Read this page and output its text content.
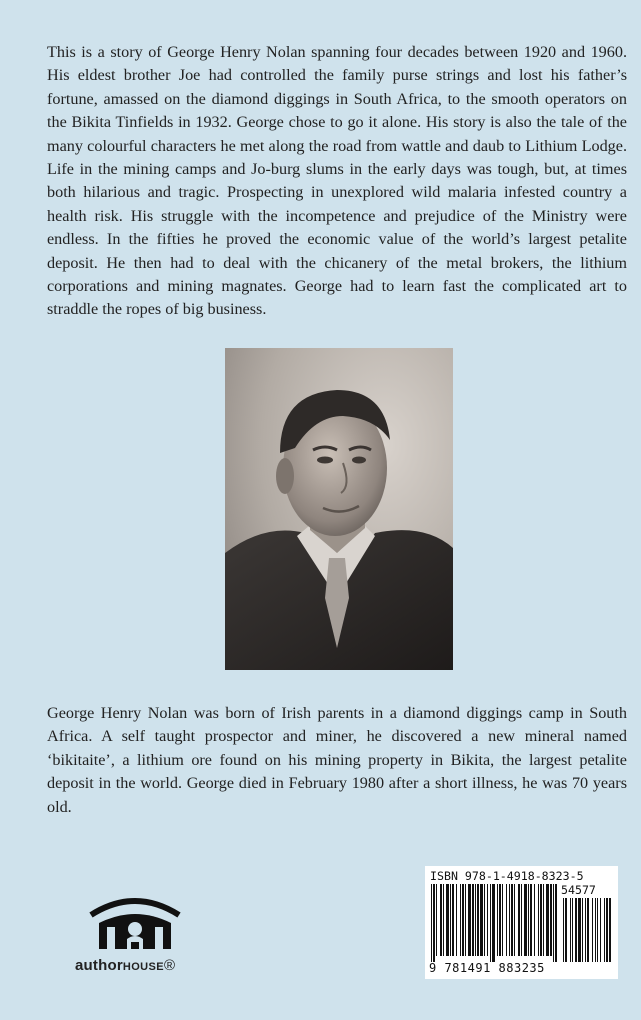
This is a story of George Henry Nolan spanning four decades between 1920 and 1960. His eldest brother Joe had controlled the family purse strings and lost his father’s fortune, amassed on the diamond diggings in South Africa, to the smooth operators on the Bikita Tinfields in 1932. George chose to go it alone. His story is also the tale of the many colourful characters he met along the road from wattle and daub to Lithium Lodge. Life in the mining camps and Jo-burg slums in the early days was tough, but, at times both hilarious and tragic. Prospecting in unexplored wild malaria infested country a health risk. His struggle with the incompetence and prejudice of the Ministry were endless. In the fifties he proved the economic value of the world’s largest petalite deposit. He then had to deal with the chicanery of the metal brokers, the lithium corporations and mining magnates. George had to learn fast the complicated art to straddle the ropes of big business.

George Henry Nolan was born of Irish parents in a diamond diggings camp in South Africa. A self taught prospector and miner, he discovered a new mineral named ‘bikitaite’, a lithium ore found on his mining property in Bikita, the largest petalite deposit in the world. George died in February 1980 after a short illness, he was 70 years old.

authorHOUSE®
ISBN 978-1-4918-8323-5
54577
9 781491 883235
